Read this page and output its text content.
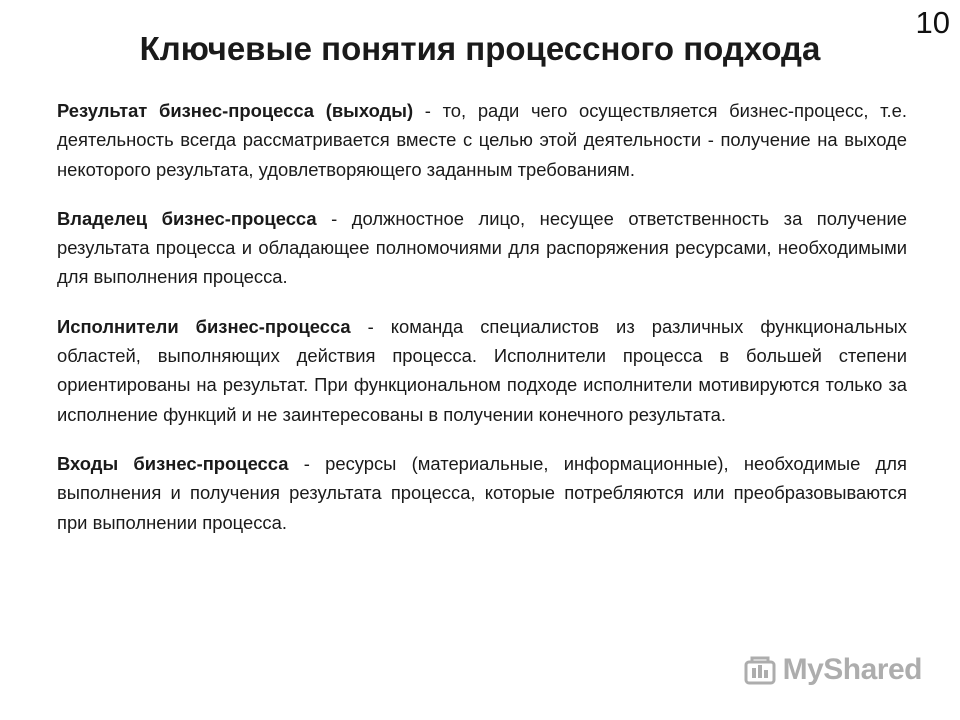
10
Ключевые понятия процессного подхода

Результат бизнес-процесса (выходы) - то, ради чего осуществляется бизнес-процесс, т.е. деятельность всегда рассматривается вместе с целью этой деятельности - получение на выходе некоторого результата, удовлетворяющего заданным требованиям.

Владелец бизнес-процесса - должностное лицо, несущее ответственность за получение результата процесса и обладающее полномочиями для распоряжения ресурсами, необходимыми для выполнения процесса.

Исполнители бизнес-процесса - команда специалистов из различных функциональных областей, выполняющих действия процесса. Исполнители процесса в большей степени ориентированы на результат. При функциональном подходе исполнители мотивируются только за исполнение функций и не заинтересованы в получении конечного результата.

Входы бизнес-процесса - ресурсы (материальные, информационные), необходимые для выполнения и получения результата процесса, которые потребляются или преобразовываются при выполнении процесса.

MyShared
